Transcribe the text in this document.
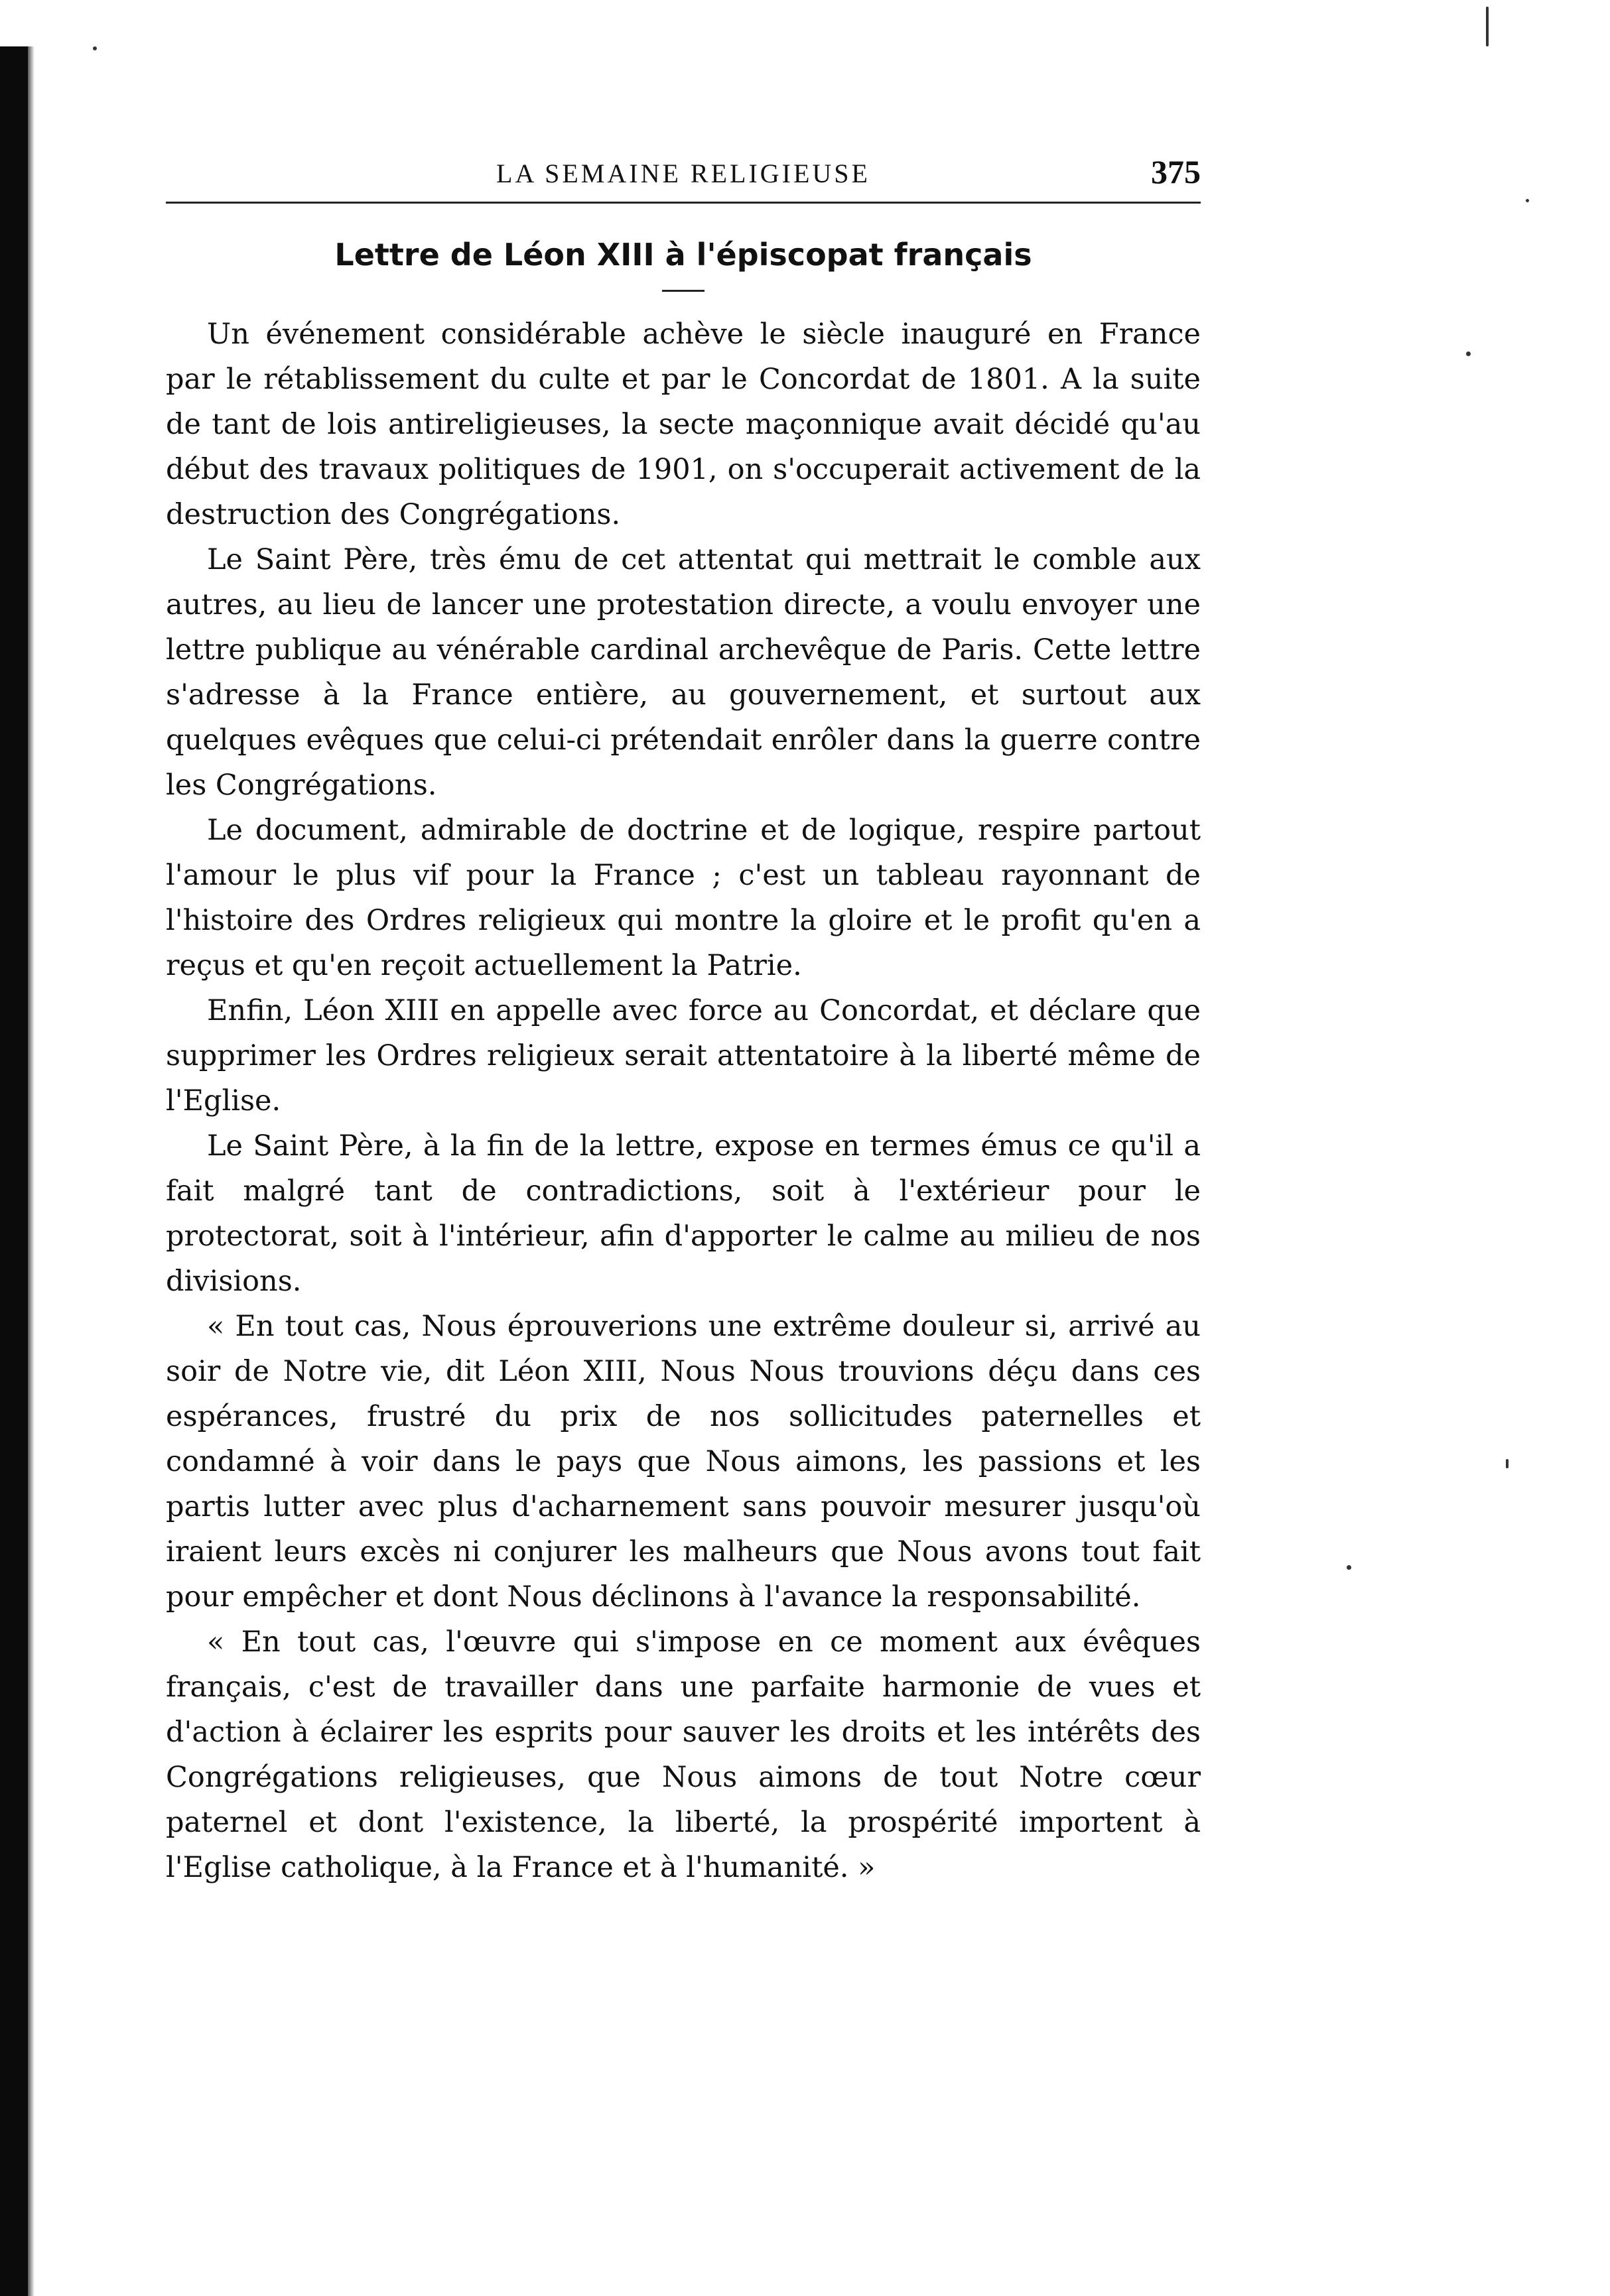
LA SEMAINE RELIGIEUSE	375
Lettre de Léon XIII à l'épiscopat français

Un événement considérable achève le siècle inauguré en France par le rétablissement du culte et par le Concordat de 1801. A la suite de tant de lois antireligieuses, la secte maçonnique avait décidé qu'au début des travaux politiques de 1901, on s'occuperait activement de la destruction des Congrégations.

Le Saint Père, très ému de cet attentat qui mettrait le comble aux autres, au lieu de lancer une protestation directe, a voulu envoyer une lettre publique au vénérable cardinal archevêque de Paris. Cette lettre s'adresse à la France entière, au gouvernement, et surtout aux quelques evêques que celui-ci prétendait enrôler dans la guerre contre les Congrégations.

Le document, admirable de doctrine et de logique, respire partout l'amour le plus vif pour la France ; c'est un tableau rayonnant de l'histoire des Ordres religieux qui montre la gloire et le profit qu'en a reçus et qu'en reçoit actuellement la Patrie.

Enfin, Léon XIII en appelle avec force au Concordat, et déclare que supprimer les Ordres religieux serait attentatoire à la liberté même de l'Eglise.

Le Saint Père, à la fin de la lettre, expose en termes émus ce qu'il a fait malgré tant de contradictions, soit à l'extérieur pour le protectorat, soit à l'intérieur, afin d'apporter le calme au milieu de nos divisions.

« En tout cas, Nous éprouverions une extrême douleur si, arrivé au soir de Notre vie, dit Léon XIII, Nous Nous trouvions déçu dans ces espérances, frustré du prix de nos sollicitudes paternelles et condamné à voir dans le pays que Nous aimons, les passions et les partis lutter avec plus d'acharnement sans pouvoir mesurer jusqu'où iraient leurs excès ni conjurer les malheurs que Nous avons tout fait pour empêcher et dont Nous déclinons à l'avance la responsabilité.

« En tout cas, l'œuvre qui s'impose en ce moment aux évêques français, c'est de travailler dans une parfaite harmonie de vues et d'action à éclairer les esprits pour sauver les droits et les intérêts des Congrégations religieuses, que Nous aimons de tout Notre cœur paternel et dont l'existence, la liberté, la prospérité importent à l'Eglise catholique, à la France et à l'humanité. »
